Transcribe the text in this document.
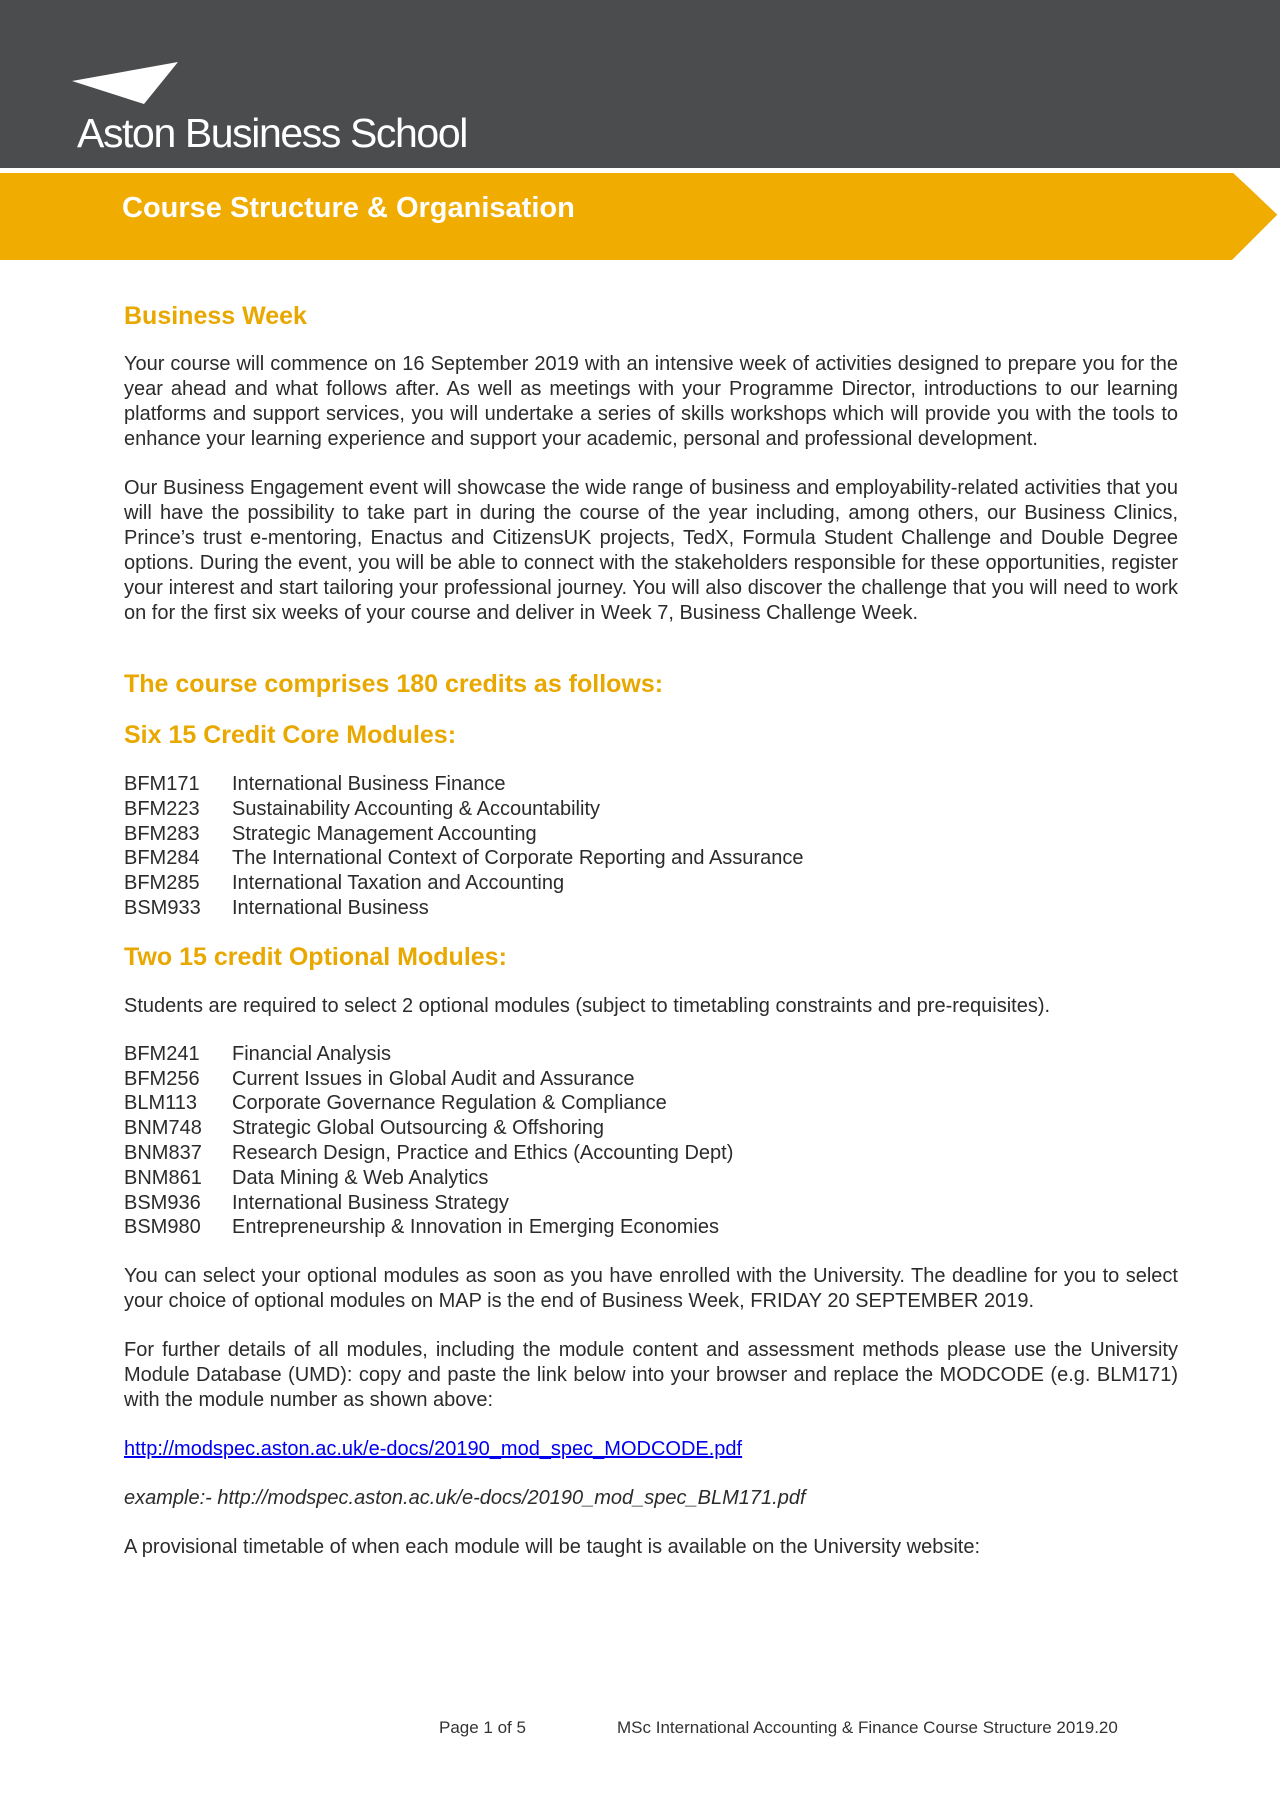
Aston Business School
Course Structure & Organisation
Business Week

Your course will commence on 16 September 2019 with an intensive week of activities designed to prepare you for the year ahead and what follows after. As well as meetings with your Programme Director, introductions to our learning platforms and support services, you will undertake a series of skills workshops which will provide you with the tools to enhance your learning experience and support your academic, personal and professional development.

Our Business Engagement event will showcase the wide range of business and employability-related activities that you will have the possibility to take part in during the course of the year including, among others, our Business Clinics, Prince’s trust e-mentoring, Enactus and CitizensUK projects, TedX, Formula Student Challenge and Double Degree options. During the event, you will be able to connect with the stakeholders responsible for these opportunities, register your interest and start tailoring your professional journey. You will also discover the challenge that you will need to work on for the first six weeks of your course and deliver in Week 7, Business Challenge Week.

The course comprises 180 credits as follows:
Six 15 Credit Core Modules:
BFM171	International Business Finance
BFM223	Sustainability Accounting & Accountability
BFM283	Strategic Management Accounting
BFM284	The International Context of Corporate Reporting and Assurance
BFM285	International Taxation and Accounting
BSM933	International Business
Two 15 credit Optional Modules:

Students are required to select 2 optional modules (subject to timetabling constraints and pre-requisites).

BFM241	Financial Analysis
BFM256	Current Issues in Global Audit and Assurance
BLM113	Corporate Governance Regulation & Compliance
BNM748	Strategic Global Outsourcing & Offshoring
BNM837	Research Design, Practice and Ethics (Accounting Dept)
BNM861	Data Mining & Web Analytics
BSM936	International Business Strategy
BSM980	Entrepreneurship & Innovation in Emerging Economies

You can select your optional modules as soon as you have enrolled with the University. The deadline for you to select your choice of optional modules on MAP is the end of Business Week, FRIDAY 20 SEPTEMBER 2019.

For further details of all modules, including the module content and assessment methods please use the University Module Database (UMD): copy and paste the link below into your browser and replace the MODCODE (e.g. BLM171) with the module number as shown above:

http://modspec.aston.ac.uk/e-docs/20190_mod_spec_MODCODE.pdf

example:- http://modspec.aston.ac.uk/e-docs/20190_mod_spec_BLM171.pdf

A provisional timetable of when each module will be taught is available on the University website:

Page 1 of 5	MSc International Accounting & Finance Course Structure 2019.20
